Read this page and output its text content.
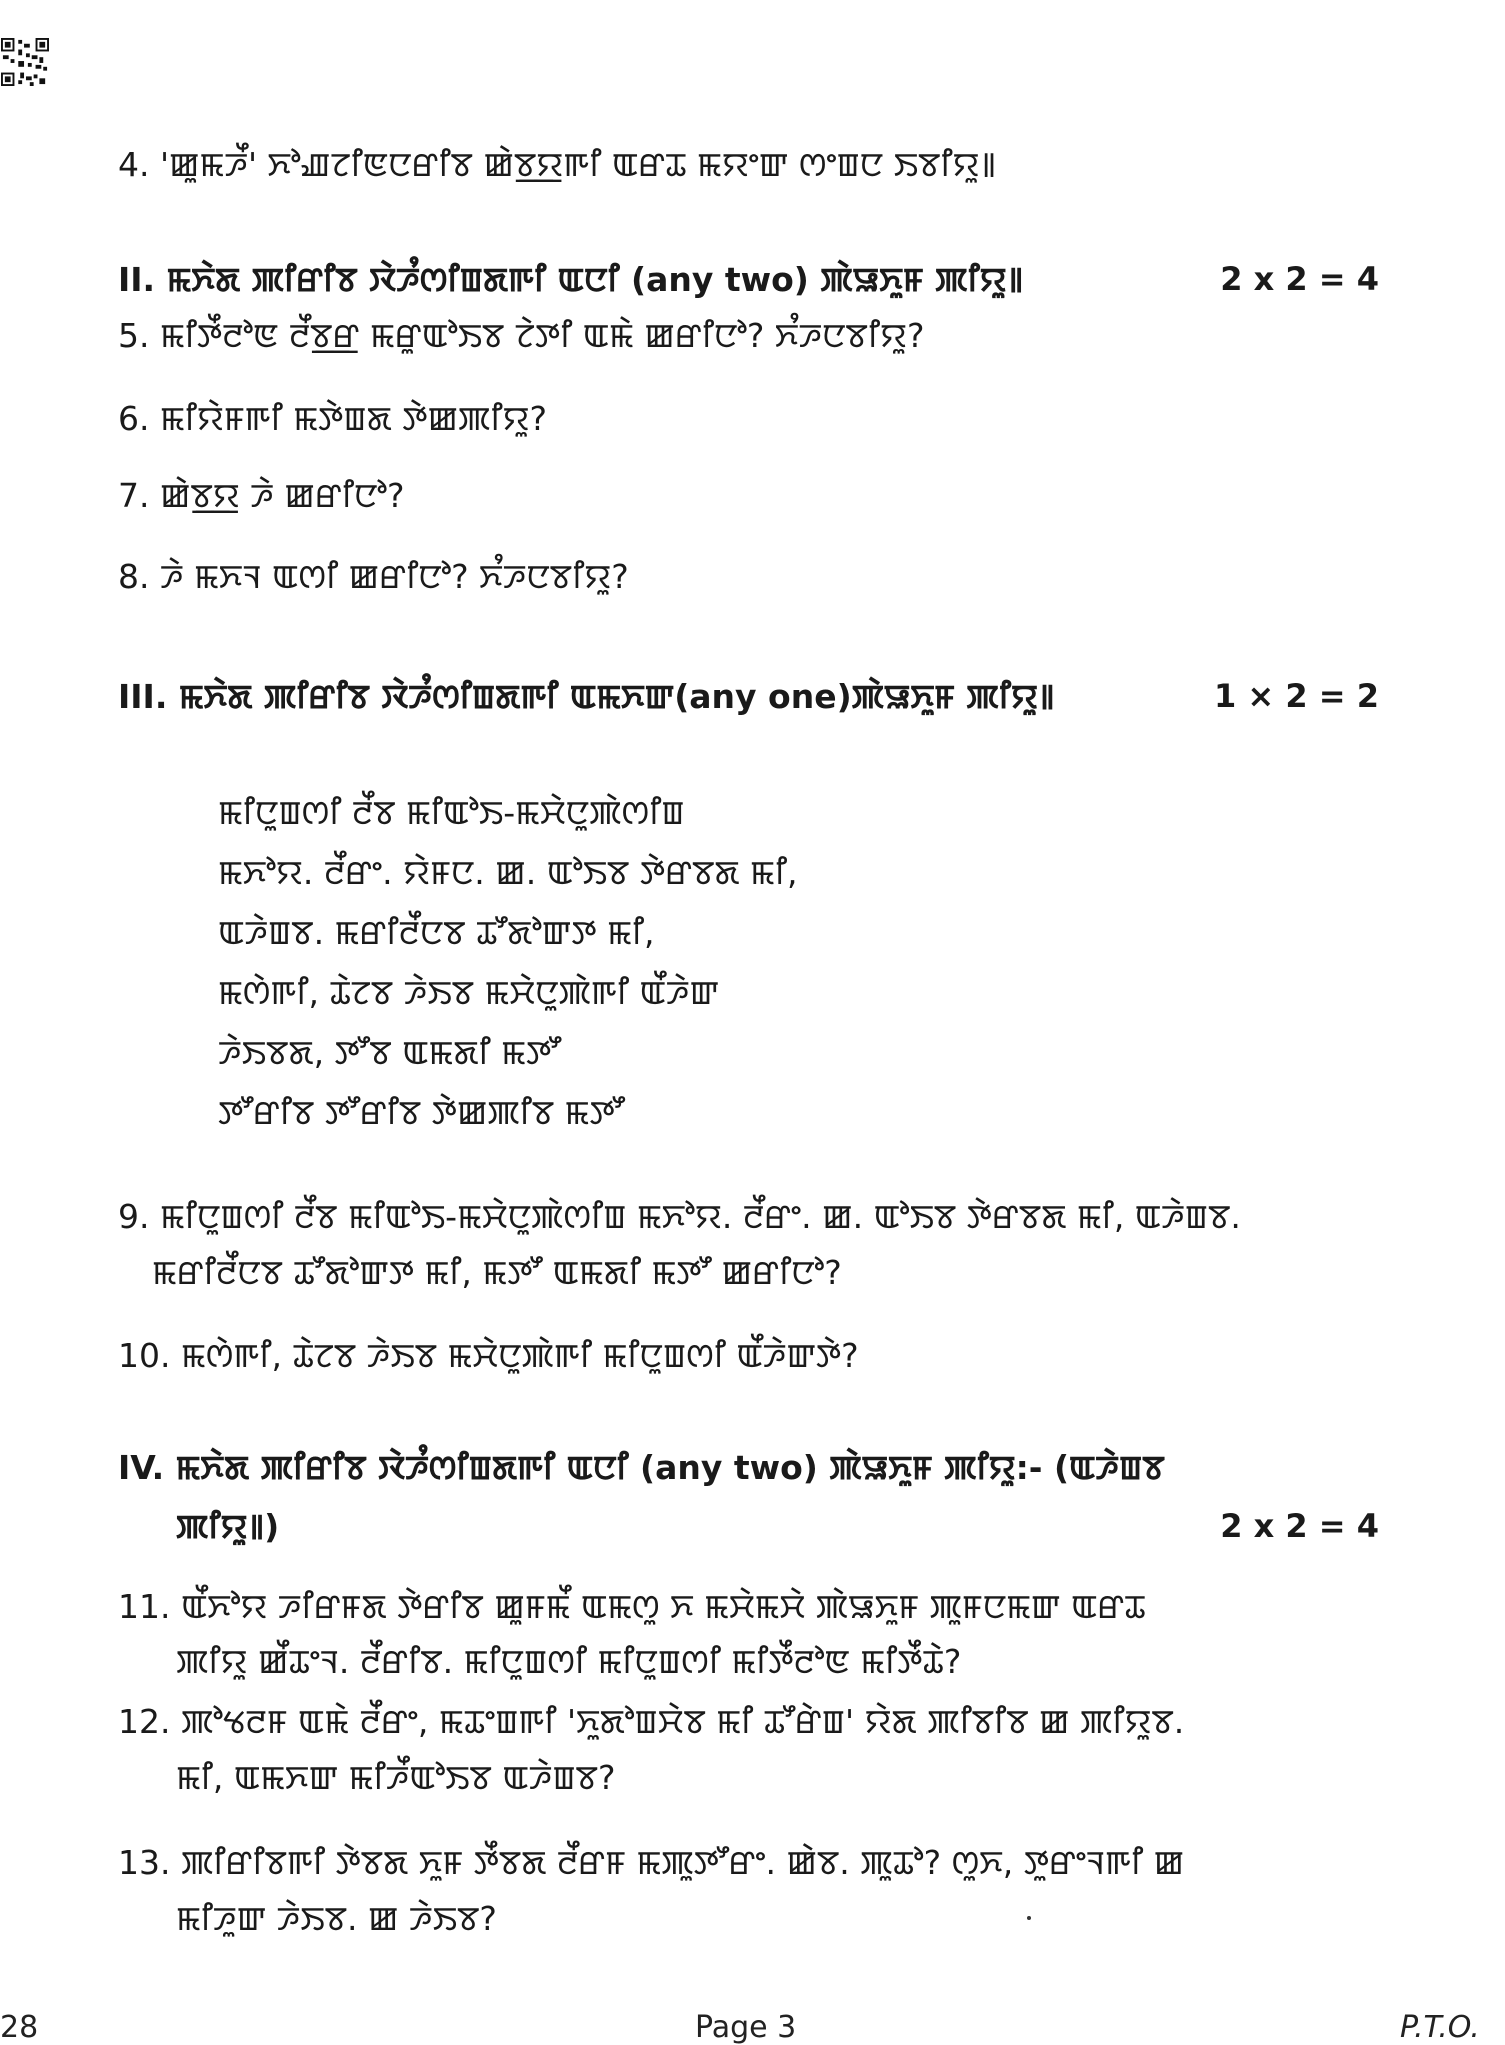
4. 'ꯀꯨꯃꯍꯩ' ꯈꯣꯉꯖꯤꯟꯅꯔꯤꯕ ꯀꯥꯕ꯭ꯌꯒꯤ ꯑꯔꯊ ꯃꯌꯦꯛ ꯁꯦꯡꯅ ꯏꯕꯤꯌꯨ꯫
II. ꯃꯈꯥꯗ ꯄꯤꯔꯤꯕ ꯋꯥꯍꯪꯁꯤꯡꯗꯒꯤ ꯑꯅꯤ (any two) ꯄꯥꯎꯈꯨꯝ ꯄꯤꯌꯨ꯫	2 x 2 = 4
5. ꯃꯤꯇꯩꯂꯣꯟ ꯂꯩꯕ꯭ꯔ ꯃꯔꯨꯑꯣꯏꯕ ꯖꯥꯇꯤ ꯑꯃꯥ ꯀꯔꯤꯅꯣ? ꯈꯪꯍꯅꯕꯤꯌꯨ?
6. ꯃꯤꯌꯥꯝꯒꯤ ꯃꯇꯥꯡꯗ ꯇꯥꯀꯄꯤꯌꯨ?
7. ꯀꯥꯕ꯭ꯌ ꯍꯥ ꯀꯔꯤꯅꯣ?
8. ꯍꯥ ꯃꯈꯜ ꯑꯁꯤ ꯀꯔꯤꯅꯣ? ꯈꯪꯍꯅꯕꯤꯌꯨ?
III. ꯃꯈꯥꯗ ꯄꯤꯔꯤꯕ ꯋꯥꯍꯪꯁꯤꯡꯗꯒꯤ ꯑꯃꯈꯛ(any one)ꯄꯥꯎꯈꯨꯝ ꯄꯤꯌꯨ꯫	1 × 2 = 2
ꯃꯤꯅꯨꯡꯁꯤ ꯂꯩꯕ ꯃꯤꯑꯣꯏ-ꯃꯆꯥꯅꯨꯄꯥꯁꯤꯡ
ꯃꯈꯣꯌ. ꯂꯩꯔꯦ. ꯌꯥꯝꯅ. ꯀ. ꯑꯣꯏꯕ ꯇꯥꯔꯕꯗ ꯃꯤ,
ꯑꯍꯥꯡꯕ. ꯃꯔꯤꯂꯩꯅꯕ ꯊꯧꯗꯣꯛꯇ ꯃꯤ,
ꯃꯁꯥꯒꯤ, ꯊꯥꯖꯕ ꯍꯥꯏꯕ ꯃꯆꯥꯅꯨꯄꯥꯒꯤ ꯑꯩꯍꯥꯛ
ꯍꯥꯏꯕꯗ, ꯇꯧꯕ ꯑꯃꯗꯤ ꯃꯇꯧ
ꯇꯧꯔꯤꯕ ꯇꯧꯔꯤꯕ ꯇꯥꯀꯄꯤꯕ ꯃꯇꯧ
9. ꯃꯤꯅꯨꯡꯁꯤ ꯂꯩꯕ ꯃꯤꯑꯣꯏ-ꯃꯆꯥꯅꯨꯄꯥꯁꯤꯡ ꯃꯈꯣꯌ. ꯂꯩꯔꯦ. ꯀ. ꯑꯣꯏꯕ ꯇꯥꯔꯕꯗ ꯃꯤ, ꯑꯍꯥꯡꯕ.
ꯃꯔꯤꯂꯩꯅꯕ ꯊꯧꯗꯣꯛꯇ ꯃꯤ, ꯃꯇꯧ ꯑꯃꯗꯤ ꯃꯇꯧ ꯀꯔꯤꯅꯣ?
10. ꯃꯁꯥꯒꯤ, ꯊꯥꯖꯕ ꯍꯥꯏꯕ ꯃꯆꯥꯅꯨꯄꯥꯒꯤ ꯃꯤꯅꯨꯡꯁꯤ ꯑꯩꯍꯥꯛꯇꯥ?
IV. ꯃꯈꯥꯗ ꯄꯤꯔꯤꯕ ꯋꯥꯍꯪꯁꯤꯡꯗꯒꯤ ꯑꯅꯤ (any two) ꯄꯥꯎꯈꯨꯝ ꯄꯤꯌꯨ:- (ꯑꯍꯥꯡꯕ
ꯄꯤꯌꯨ꯫)	2 x 2 = 4
11. ꯑꯩꯈꯣꯌ ꯍꯤꯔꯝꯗ ꯇꯥꯔꯤꯕ ꯀꯨꯝꯃꯩ ꯑꯃꯁꯨ ꯈ ꯃꯆꯥꯃꯆꯥ ꯄꯥꯎꯈꯨꯝ ꯄꯨꯝꯅꯃꯛ ꯑꯔꯊ
ꯄꯤꯌꯨ ꯀꯩꯊꯦꯜ. ꯂꯩꯔꯤꯕ. ꯃꯤꯅꯨꯡꯁꯤ ꯃꯤꯅꯨꯡꯁꯤ ꯃꯤꯇꯩꯂꯣꯟ ꯃꯤꯇꯩꯊꯥ?
12. ꯄꯣꯠꯂꯝ ꯑꯃꯥ ꯂꯩꯔꯦ, ꯃꯊꯦꯡꯒꯤ 'ꯈꯨꯗꯣꯡꯆꯥꯕ ꯃꯤ ꯊꯧꯔꯥꯡ' ꯌꯥꯗ ꯄꯤꯕꯤꯕ ꯀ ꯄꯤꯌꯨꯕ.
ꯃꯤ, ꯑꯃꯈꯛ ꯃꯤꯍꯩꯑꯣꯏꯕ ꯑꯍꯥꯡꯕ?
13. ꯄꯤꯔꯤꯕꯒꯤ ꯇꯥꯕꯗ ꯈꯨꯝ ꯇꯩꯕꯗ ꯂꯩꯔꯝ ꯃꯄꯨꯇꯧꯔꯦ. ꯀꯥꯕ. ꯄꯨꯊꯣ? ꯁꯨꯈ, ꯇꯨꯔꯦꯜꯒꯤ ꯀ
ꯃꯤꯍꯨꯛ ꯍꯥꯏꯕ. ꯀ ꯍꯥꯏꯕ?
28	Page 3	P.T.O.
